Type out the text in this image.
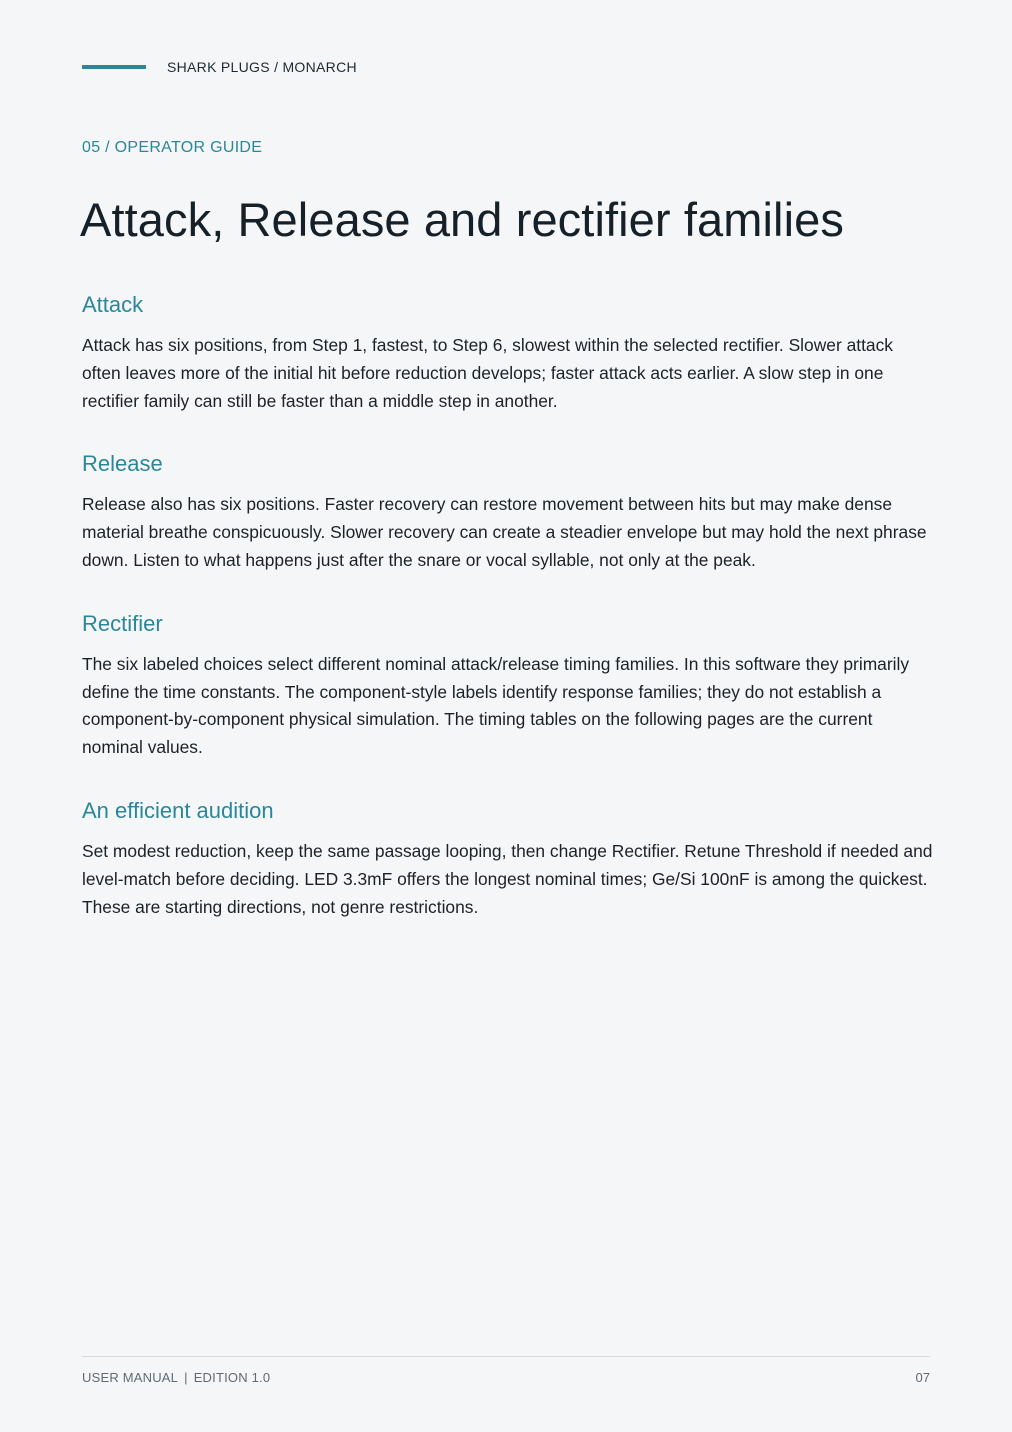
SHARK PLUGS / MONARCH
05 / OPERATOR GUIDE
Attack, Release and rectifier families
Attack

Attack has six positions, from Step 1, fastest, to Step 6, slowest within the selected rectifier. Slower attack often leaves more of the initial hit before reduction develops; faster attack acts earlier. A slow step in one rectifier family can still be faster than a middle step in another.

Release

Release also has six positions. Faster recovery can restore movement between hits but may make dense material breathe conspicuously. Slower recovery can create a steadier envelope but may hold the next phrase down. Listen to what happens just after the snare or vocal syllable, not only at the peak.

Rectifier

The six labeled choices select different nominal attack/release timing families. In this software they primarily define the time constants. The component-style labels identify response families; they do not establish a component-by-component physical simulation. The timing tables on the following pages are the current nominal values.

An efficient audition

Set modest reduction, keep the same passage looping, then change Rectifier. Retune Threshold if needed and level-match before deciding. LED 3.3mF offers the longest nominal times; Ge/Si 100nF is among the quickest. These are starting directions, not genre restrictions.

USER MANUAL | EDITION 1.0	07
